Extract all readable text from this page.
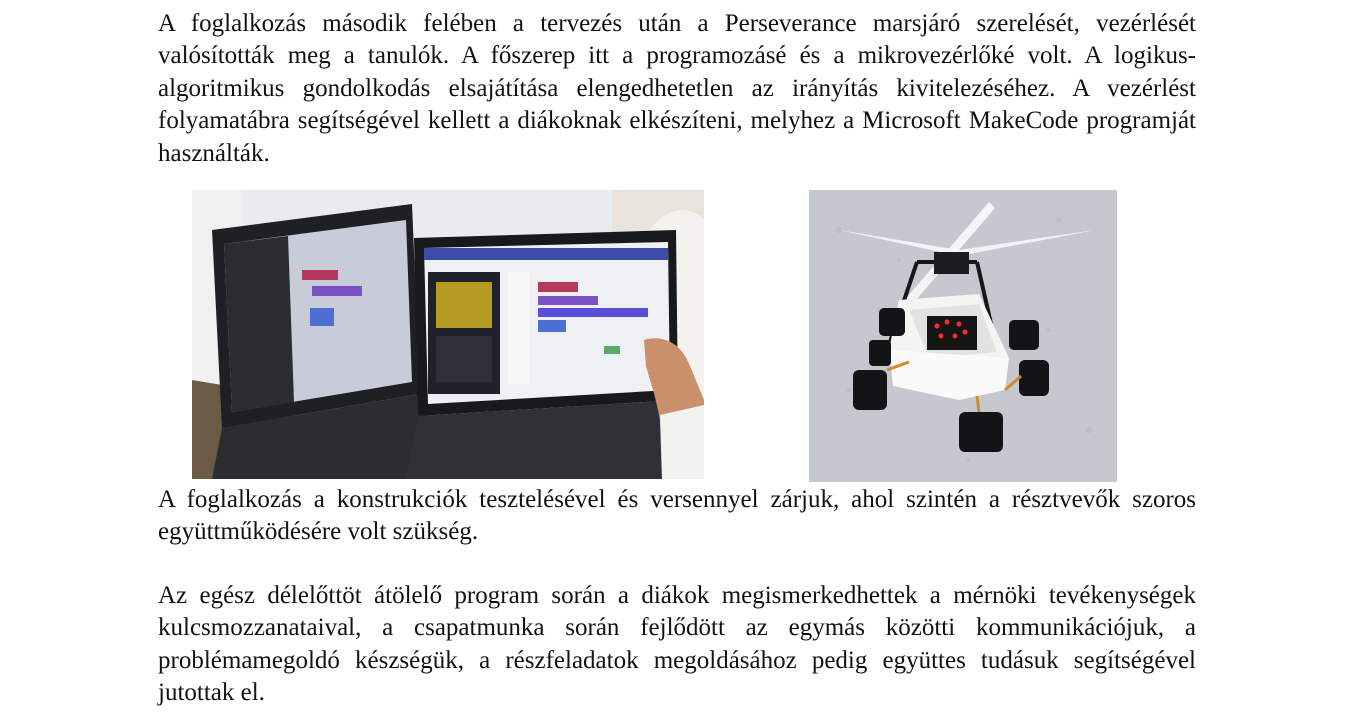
A foglalkozás második felében a tervezés után a Perseverance marsjáró szerelését, vezérlését valósították meg a tanulók. A főszerep itt a programozásé és a mikrovezérlőké volt. A logikus-algoritmikus gondolkodás elsajátítása elengedhetetlen az irányítás kivitelezéséhez. A vezérlést folyamatábra segítségével kellett a diákoknak elkészíteni, melyhez a Microsoft MakeCode programját használták.

A foglalkozás a konstrukciók tesztelésével és versennyel zárjuk, ahol szintén a résztvevők szoros együttműködésére volt szükség.

Az egész délelőttöt átölelő program során a diákok megismerkedhettek a mérnöki tevékenységek kulcsmozzanataival, a csapatmunka során fejlődött az egymás közötti kommunikációjuk, a problémamegoldó készségük, a részfeladatok megoldásához pedig együttes tudásuk segítségével jutottak el.
